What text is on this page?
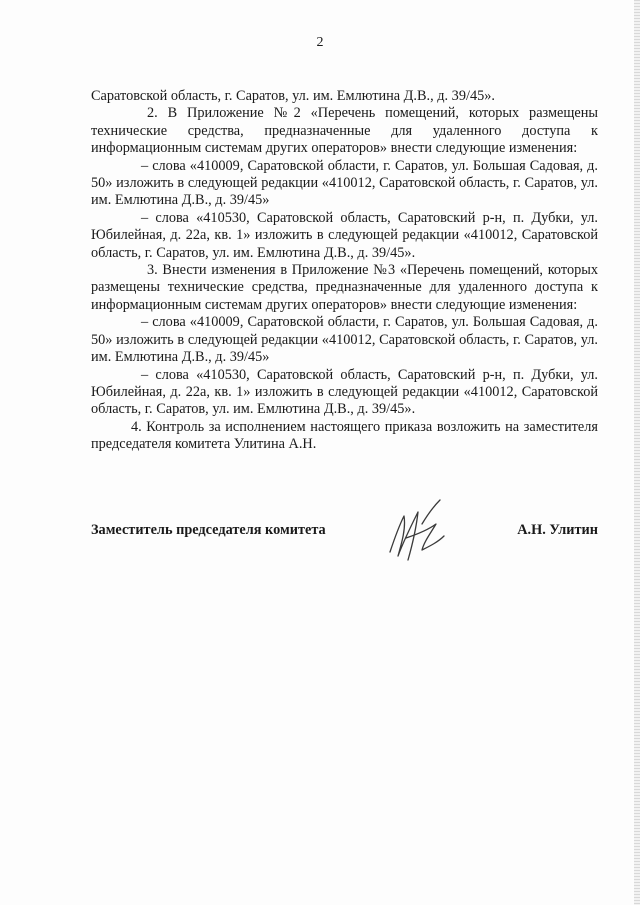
2

Саратовской область, г. Саратов, ул. им. Емлютина Д.В., д. 39/45».

2. В Приложение №2 «Перечень помещений, которых размещены технические средства, предназначенные для удаленного доступа к информационным системам других операторов» внести следующие изменения:

– слова «410009, Саратовской области, г. Саратов, ул. Большая Садовая, д. 50» изложить в следующей редакции «410012, Саратовской область, г. Саратов, ул. им. Емлютина Д.В., д. 39/45»

– слова «410530, Саратовской область, Саратовский р-н, п. Дубки, ул. Юбилейная, д. 22а, кв. 1» изложить в следующей редакции «410012, Саратовской область, г. Саратов, ул. им. Емлютина Д.В., д. 39/45».

3. Внести изменения в Приложение №3 «Перечень помещений, которых размещены технические средства, предназначенные для удаленного доступа к информационным системам других операторов» внести следующие изменения:

– слова «410009, Саратовской области, г. Саратов, ул. Большая Садовая, д. 50» изложить в следующей редакции «410012, Саратовской область, г. Саратов, ул. им. Емлютина Д.В., д. 39/45»

– слова «410530, Саратовской область, Саратовский р-н, п. Дубки, ул. Юбилейная, д. 22а, кв. 1» изложить в следующей редакции «410012, Саратовской область, г. Саратов, ул. им. Емлютина Д.В., д. 39/45».

4. Контроль за исполнением настоящего приказа возложить на заместителя председателя комитета Улитина А.Н.

Заместитель председателя комитета	А.Н. Улитин
